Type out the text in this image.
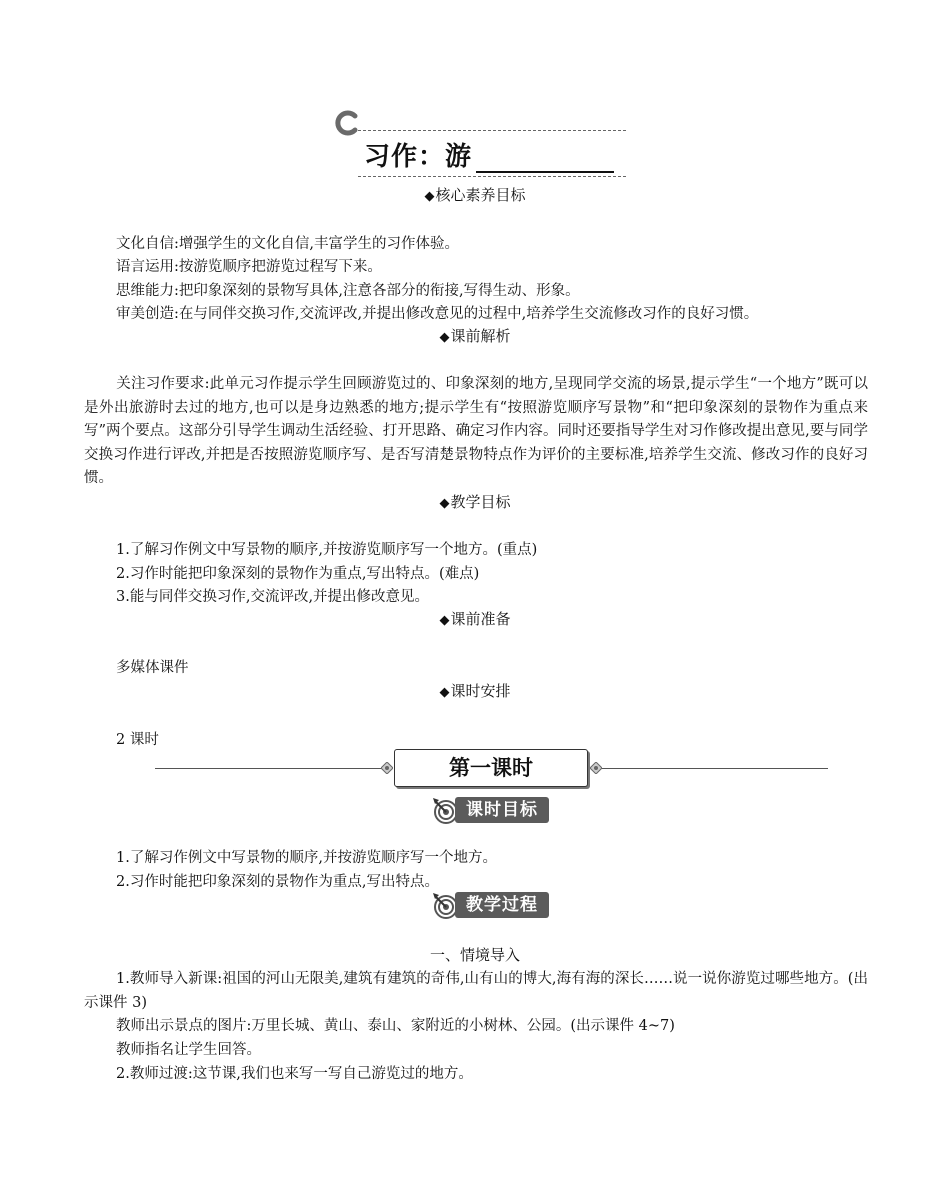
习作：游
◆核心素养目标
文化自信:增强学生的文化自信,丰富学生的习作体验。
语言运用:按游览顺序把游览过程写下来。
思维能力:把印象深刻的景物写具体,注意各部分的衔接,写得生动、形象。
审美创造:在与同伴交换习作,交流评改,并提出修改意见的过程中,培养学生交流修改习作的良好习惯。
◆课前解析
关注习作要求:此单元习作提示学生回顾游览过的、印象深刻的地方,呈现同学交流的场景,提示学生“一个地方”既可以是外出旅游时去过的地方,也可以是身边熟悉的地方;提示学生有“按照游览顺序写景物”和“把印象深刻的景物作为重点来写”两个要点。这部分引导学生调动生活经验、打开思路、确定习作内容。同时还要指导学生对习作修改提出意见,要与同学交换习作进行评改,并把是否按照游览顺序写、是否写清楚景物特点作为评价的主要标准,培养学生交流、修改习作的良好习惯。
◆教学目标
1.了解习作例文中写景物的顺序,并按游览顺序写一个地方。(重点)
2.习作时能把印象深刻的景物作为重点,写出特点。(难点)
3.能与同伴交换习作,交流评改,并提出修改意见。
◆课前准备
多媒体课件
◆课时安排
2 课时
第一课时
课时目标
1.了解习作例文中写景物的顺序,并按游览顺序写一个地方。
2.习作时能把印象深刻的景物作为重点,写出特点。
教学过程
一、情境导入
1.教师导入新课:祖国的河山无限美,建筑有建筑的奇伟,山有山的博大,海有海的深长……说一说你游览过哪些地方。(出示课件 3)
教师出示景点的图片:万里长城、黄山、泰山、家附近的小树林、公园。(出示课件 4~7)
教师指名让学生回答。
2.教师过渡:这节课,我们也来写一写自己游览过的地方。
